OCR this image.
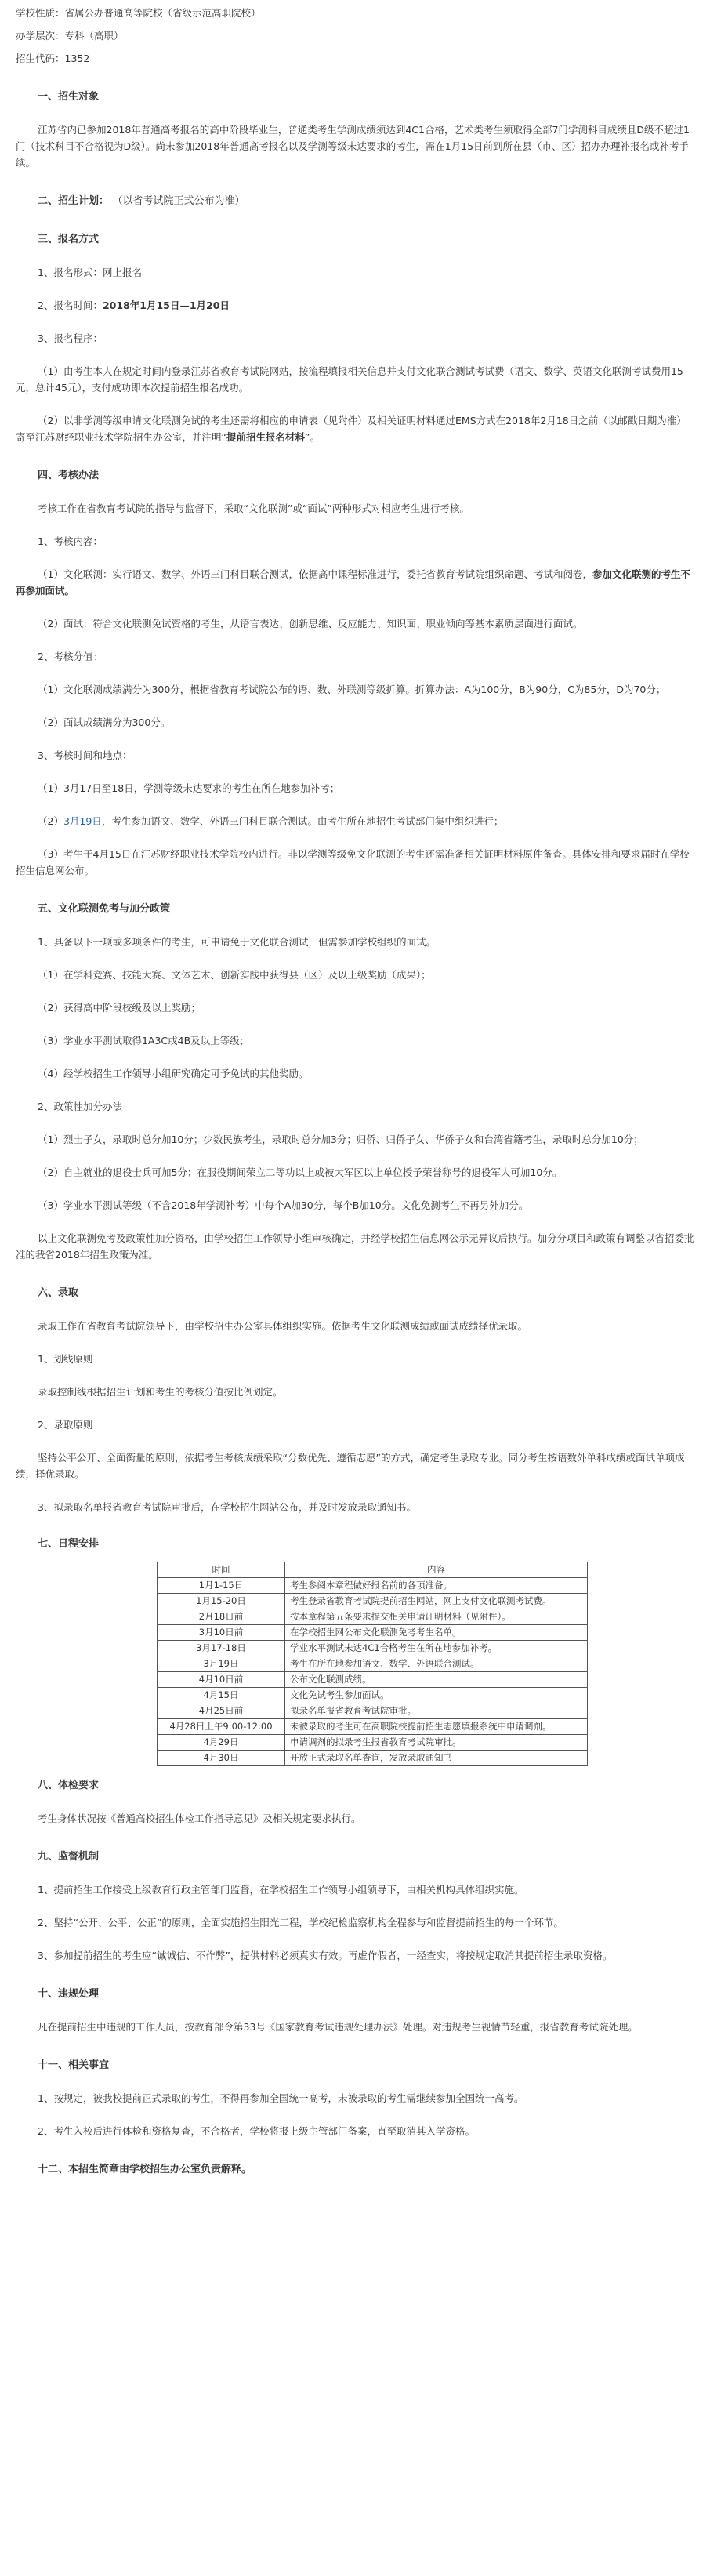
学校性质：省属公办普通高等院校（省级示范高职院校）
办学层次：专科（高职）
招生代码：1352
一、招生对象
江苏省内已参加2018年普通高考报名的高中阶段毕业生，普通类考生学测成绩须达到4C1合格，艺术类考生须取得全部7门学测科目成绩且D级不超过1门（技术科目不合格视为D级）。尚未参加2018年普通高考报名以及学测等级未达要求的考生，需在1月15日前到所在县（市、区）招办办理补报名或补考手续。
二、招生计划： （以省考试院正式公布为准）
三、报名方式
1、报名形式：网上报名
2、报名时间：2018年1月15日—1月20日
3、报名程序：
（1）由考生本人在规定时间内登录江苏省教育考试院网站，按流程填报相关信息并支付文化联合测试考试费（语文、数学、英语文化联测考试费用15元，总计45元），支付成功即本次提前招生报名成功。
（2）以非学测等级申请文化联测免试的考生还需将相应的申请表（见附件）及相关证明材料通过EMS方式在2018年2月18日之前（以邮戳日期为准）寄至江苏财经职业技术学院招生办公室，并注明“提前招生报名材料”。
四、考核办法
考核工作在省教育考试院的指导与监督下，采取“文化联测”或“面试”两种形式对相应考生进行考核。
1、考核内容：
（1）文化联测：实行语文、数学、外语三门科目联合测试，依据高中课程标准进行，委托省教育考试院组织命题、考试和阅卷，参加文化联测的考生不再参加面试。
（2）面试：符合文化联测免试资格的考生，从语言表达、创新思维、反应能力、知识面、职业倾向等基本素质层面进行面试。
2、考核分值：
（1）文化联测成绩满分为300分，根据省教育考试院公布的语、数、外联测等级折算。折算办法：A为100分，B为90分，C为85分，D为70分；
（2）面试成绩满分为300分。
3、考核时间和地点：
（1）3月17日至18日，学测等级未达要求的考生在所在地参加补考；
（2）3月19日，考生参加语文、数学、外语三门科目联合测试。由考生所在地招生考试部门集中组织进行；
（3）考生于4月15日在江苏财经职业技术学院校内进行。非以学测等级免文化联测的考生还需准备相关证明材料原件备查。具体安排和要求届时在学校招生信息网公布。
五、文化联测免考与加分政策
1、具备以下一项或多项条件的考生，可申请免于文化联合测试，但需参加学校组织的面试。
（1）在学科竞赛、技能大赛、文体艺术、创新实践中获得县（区）及以上级奖励（成果）；
（2）获得高中阶段校级及以上奖励；
（3）学业水平测试取得1A3C或4B及以上等级；
（4）经学校招生工作领导小组研究确定可予免试的其他奖励。
2、政策性加分办法
（1）烈士子女，录取时总分加10分；少数民族考生，录取时总分加3分；归侨、归侨子女、华侨子女和台湾省籍考生，录取时总分加10分；
（2）自主就业的退役士兵可加5分；在服役期间荣立二等功以上或被大军区以上单位授予荣誉称号的退役军人可加10分。
（3）学业水平测试等级（不含2018年学测补考）中每个A加30分，每个B加10分。文化免测考生不再另外加分。
以上文化联测免考及政策性加分资格，由学校招生工作领导小组审核确定，并经学校招生信息网公示无异议后执行。加分分项目和政策有调整以省招委批准的我省2018年招生政策为准。
六、录取
录取工作在省教育考试院领导下，由学校招生办公室具体组织实施。依据考生文化联测成绩或面试成绩择优录取。
1、划线原则
录取控制线根据招生计划和考生的考核分值按比例划定。
2、录取原则
坚持公平公开、全面衡量的原则，依据考生考核成绩采取“分数优先、遵循志愿”的方式，确定考生录取专业。同分考生按语数外单科成绩或面试单项成绩，择优录取。
3、拟录取名单报省教育考试院审批后，在学校招生网站公布，并及时发放录取通知书。
七、日程安排
时间	内容
1月1-15日	考生参阅本章程做好报名前的各项准备。
1月15-20日	考生登录省教育考试院提前招生网站，网上支付文化联测考试费。
2月18日前	按本章程第五条要求提交相关申请证明材料（见附件）。
3月10日前	在学校招生网公布文化联测免考考生名单。
3月17-18日	学业水平测试未达4C1合格考生在所在地参加补考。
3月19日	考生在所在地参加语文、数学、外语联合测试。
4月10日前	公布文化联测成绩。
4月15日	文化免试考生参加面试。
4月25日前	拟录名单报省教育考试院审批。
4月28日上午9:00-12:00	未被录取的考生可在高职院校提前招生志愿填报系统中申请调剂。
4月29日	申请调剂的拟录考生报省教育考试院审批。
4月30日	开放正式录取名单查询，发放录取通知书
八、体检要求
考生身体状况按《普通高校招生体检工作指导意见》及相关规定要求执行。
九、监督机制
1、提前招生工作接受上级教育行政主管部门监督，在学校招生工作领导小组领导下，由相关机构具体组织实施。
2、坚持“公开、公平、公正”的原则，全面实施招生阳光工程，学校纪检监察机构全程参与和监督提前招生的每一个环节。
3、参加提前招生的考生应“诚诚信、不作弊”，提供材料必须真实有效。再虚作假者，一经查实，将按规定取消其提前招生录取资格。
十、违规处理
凡在提前招生中违规的工作人员，按教育部令第33号《国家教育考试违规处理办法》处理。对违规考生视情节轻重，报省教育考试院处理。
十一、相关事宜
1、按规定，被我校提前正式录取的考生，不得再参加全国统一高考，未被录取的考生需继续参加全国统一高考。
2、考生入校后进行体检和资格复查，不合格者，学校将报上级主管部门备案，直至取消其入学资格。
十二、本招生简章由学校招生办公室负责解释。
